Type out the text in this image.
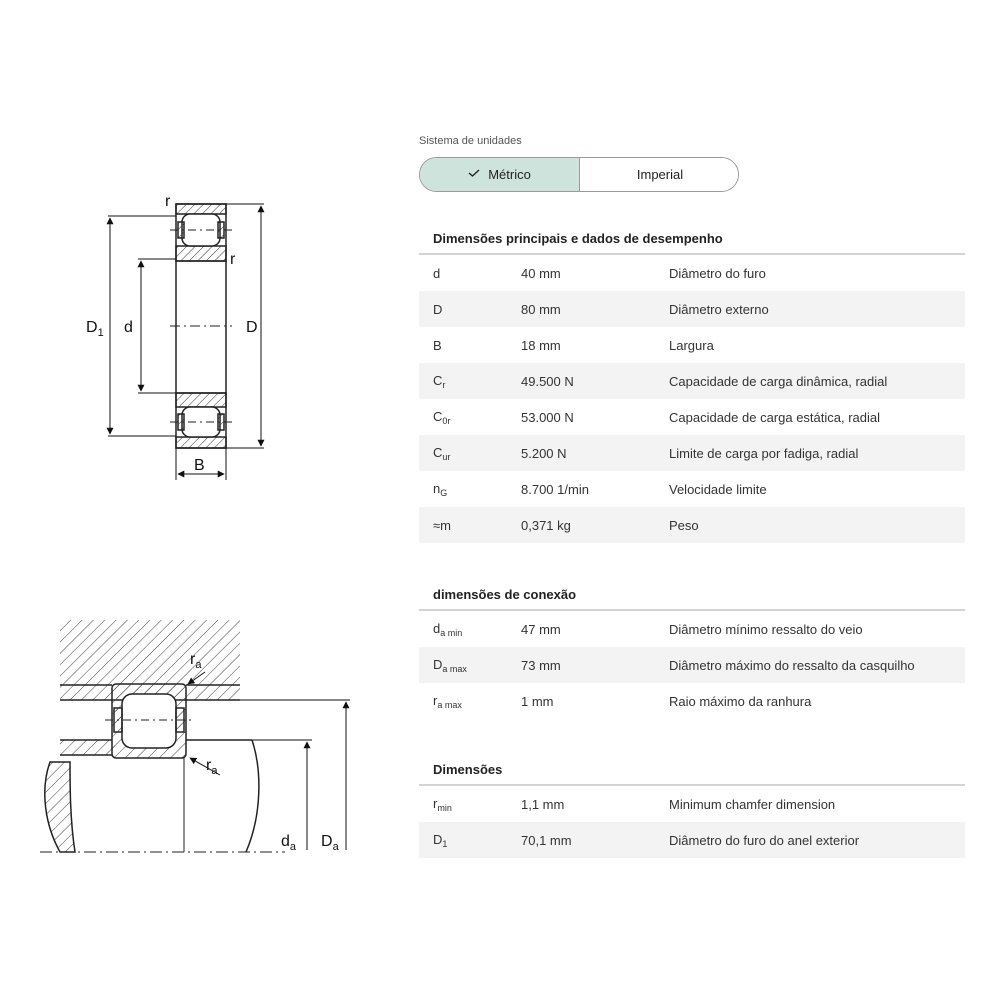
r
r
$D_1$ d	D
B
$r_a$
$r_a$
$d_a$ $D_a$
Sistema de unidades
Métrico	Imperial
Dimensões principais e dados de desempenho
d	40 mm	Diâmetro do furo
D	80 mm	Diâmetro externo
B	18 mm	Largura
$C_r$	49.500 N	Capacidade de carga dinâmica, radial
$C_{0r}$	53.000 N	Capacidade de carga estática, radial
$C_{ur}$	5.200 N	Limite de carga por fadiga, radial
$n_G$	8.700 1/min	Velocidade limite
≈m	0,371 kg	Peso
dimensões de conexão
$d_{a min}$	47 mm	Diâmetro mínimo ressalto do veio
$D_{a max}$	73 mm	Diâmetro máximo do ressalto da casquilho
$r_{a max}$	1 mm	Raio máximo da ranhura
Dimensões
$r_{min}$	1,1 mm	Minimum chamfer dimension
$D_1$	70,1 mm	Diâmetro do furo do anel exterior
